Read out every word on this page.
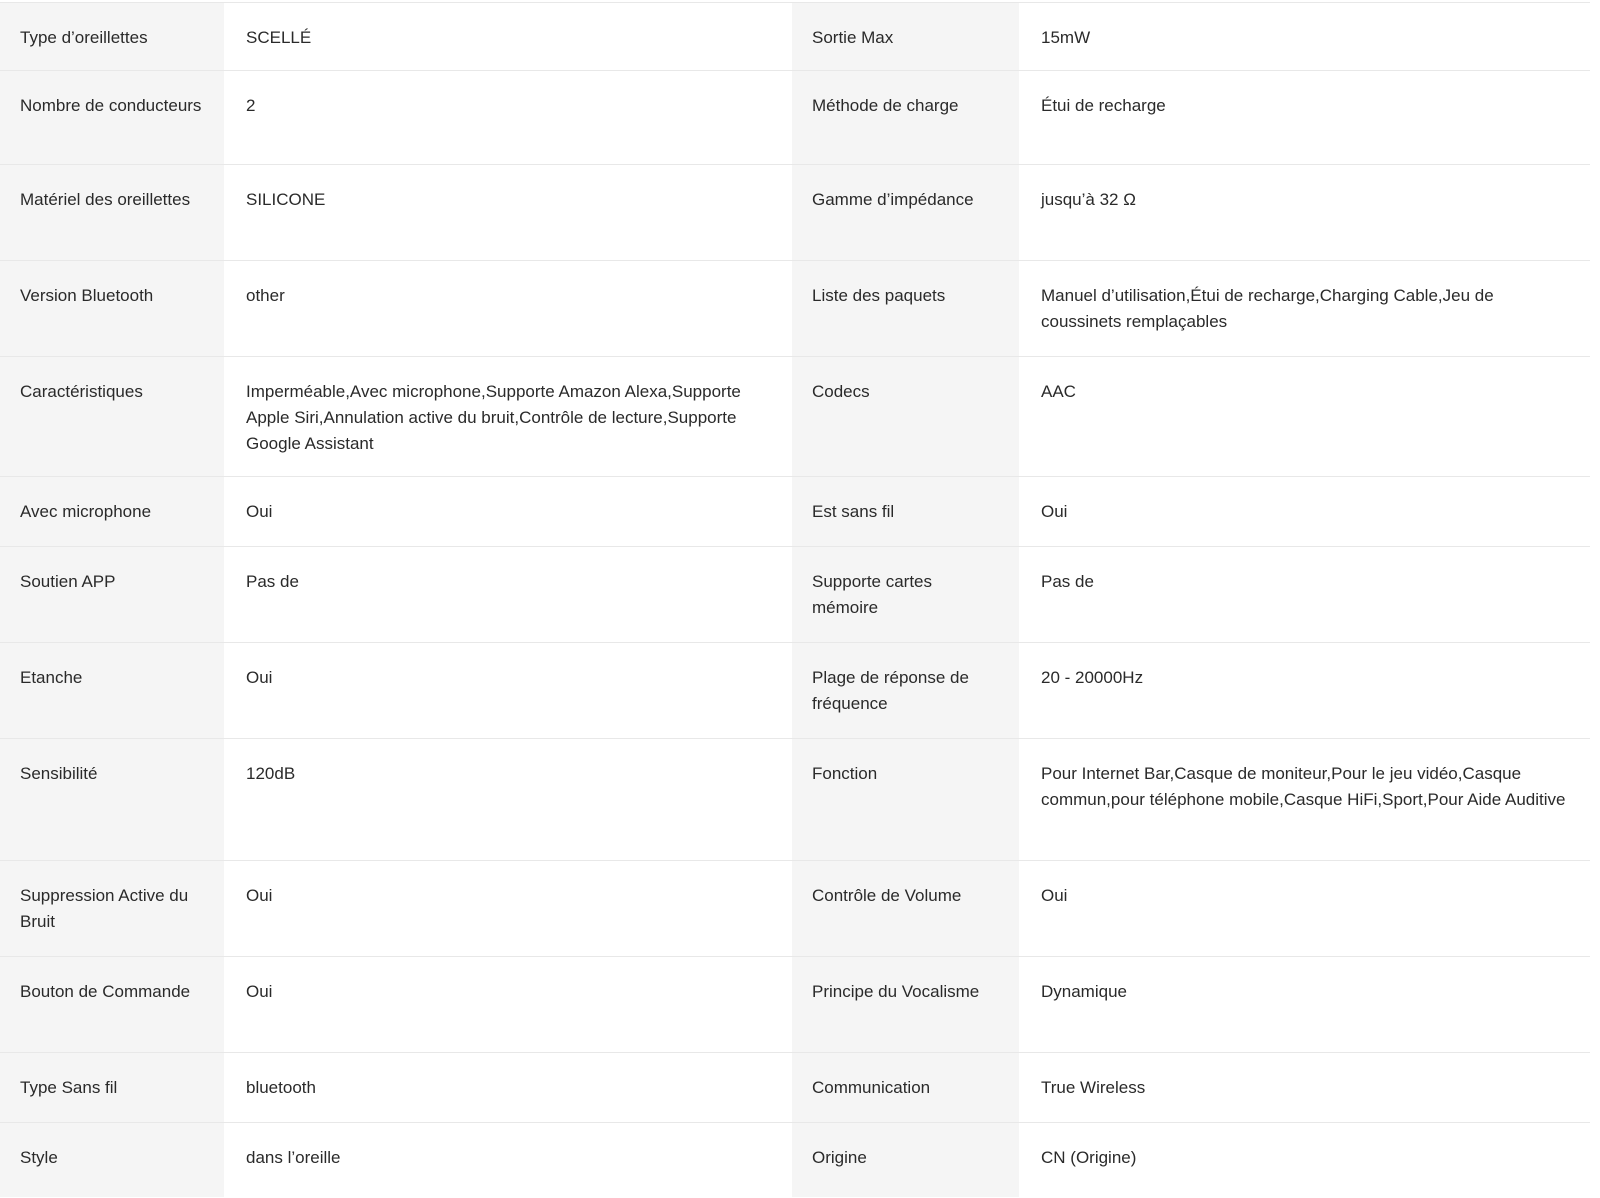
Type d’oreillettes	SCELLÉ	Sortie Max	15mW
Nombre de conducteurs	2	Méthode de charge	Étui de recharge
Matériel des oreillettes	SILICONE	Gamme d’impédance	jusqu’à 32 Ω
Version Bluetooth	other	Liste des paquets	Manuel d’utilisation,Étui de recharge,Charging Cable,Jeu de coussinets remplaçables
Caractéristiques	Imperméable,Avec microphone,Supporte Amazon Alexa,Supporte Apple Siri,Annulation active du bruit,Contrôle de lecture,Supporte Google Assistant	Codecs	AAC
Avec microphone	Oui	Est sans fil	Oui
Soutien APP	Pas de	Supporte cartes mémoire	Pas de
Etanche	Oui	Plage de réponse de fréquence	20 - 20000Hz
Sensibilité	120dB	Fonction	Pour Internet Bar,Casque de moniteur,Pour le jeu vidéo,Casque commun,pour téléphone mobile,Casque HiFi,Sport,Pour Aide Auditive
Suppression Active du Bruit	Oui	Contrôle de Volume	Oui
Bouton de Commande	Oui	Principe du Vocalisme	Dynamique
Type Sans fil	bluetooth	Communication	True Wireless
Style	dans l’oreille	Origine	CN (Origine)
